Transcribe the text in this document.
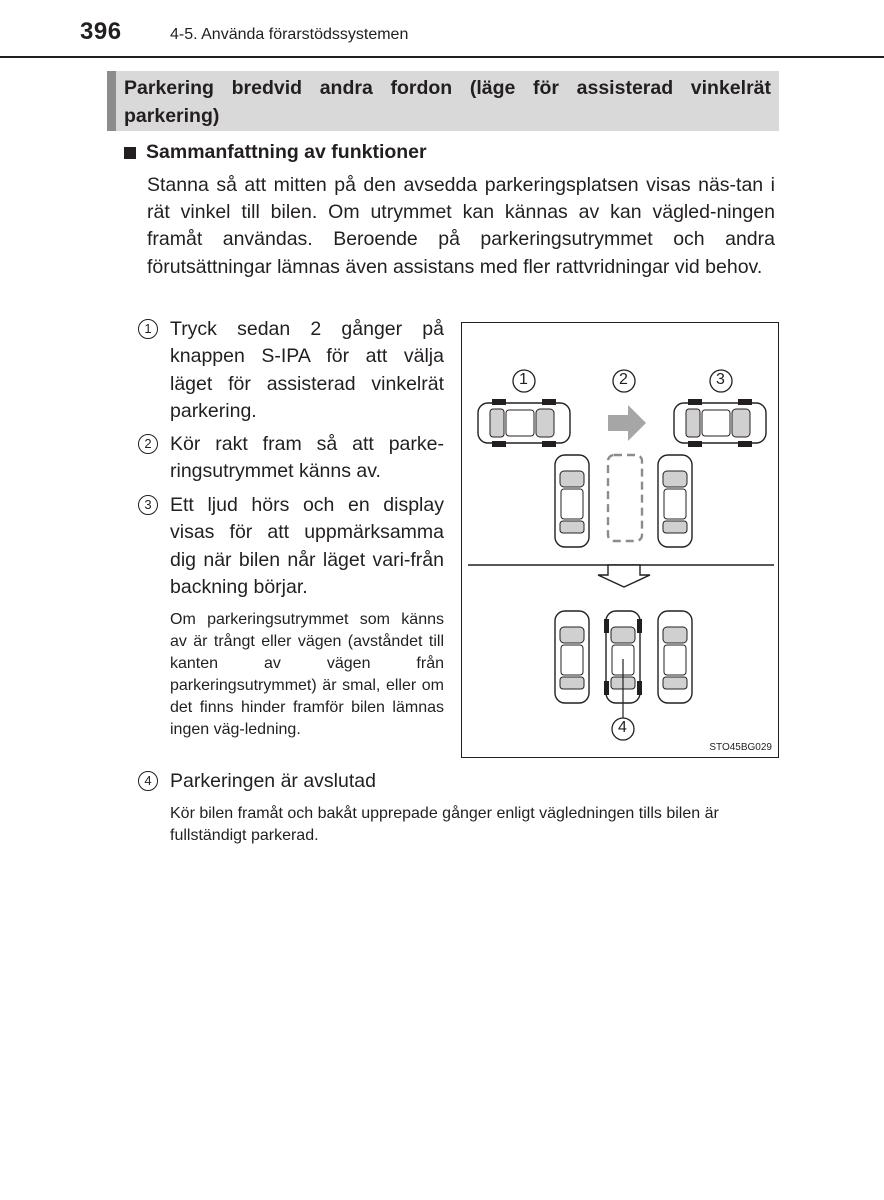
396	4-5. Använda förarstödssystemen
Parkering bredvid andra fordon (läge för assisterad vinkelrät parkering)
Sammanfattning av funktioner
Stanna så att mitten på den avsedda parkeringsplatsen visas näs-tan i rät vinkel till bilen. Om utrymmet kan kännas av kan vägled-ningen framåt användas. Beroende på parkeringsutrymmet och andra förutsättningar lämnas även assistans med fler rattvridningar vid behov.
1 Tryck sedan 2 gånger på knappen S-IPA för att välja läget för assisterad vinkelrät parkering.
2 Kör rakt fram så att parke-ringsutrymmet känns av.
3 Ett ljud hörs och en display visas för att uppmärksamma dig när bilen når läget vari-från backning börjar.
Om parkeringsutrymmet som känns av är trångt eller vägen (avståndet till kanten av vägen från parkeringsutrymmet) är smal, eller om det finns hinder framför bilen lämnas ingen väg-ledning.
4 Parkeringen är avslutad
Kör bilen framåt och bakåt upprepade gånger enligt vägledningen tills bilen är fullständigt parkerad.
1	2	3
4
STO45BG029
